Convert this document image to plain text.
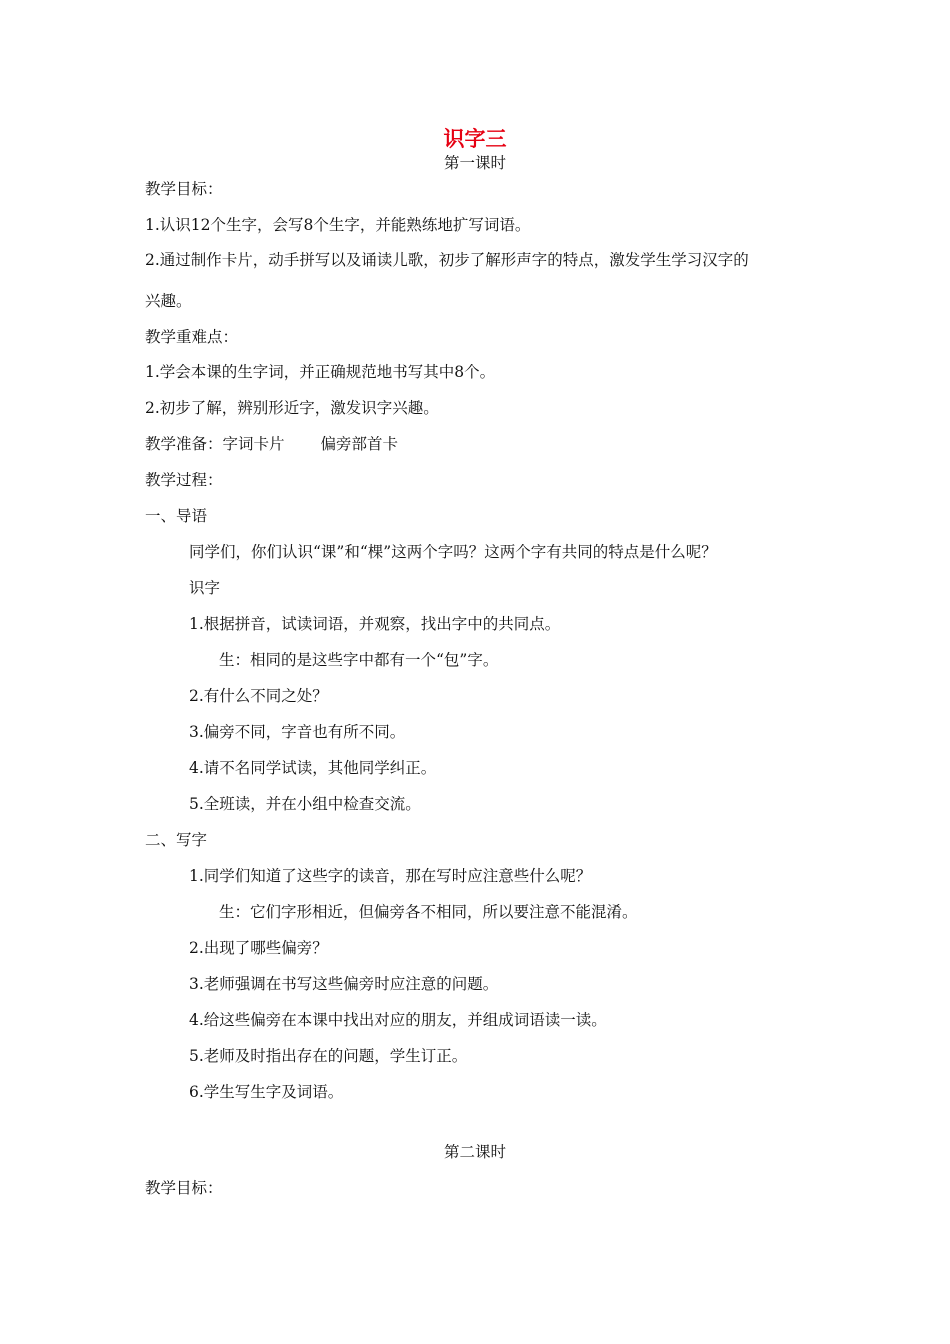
识字三
第一课时
教学目标：
1.认识12个生字，会写8个生字，并能熟练地扩写词语。
2.通过制作卡片，动手拼写以及诵读儿歌，初步了解形声字的特点，激发学生学习汉字的
兴趣。
教学重难点：
1.学会本课的生字词，并正确规范地书写其中8个。
2.初步了解，辨别形近字，激发识字兴趣。
教学准备：字词卡片 偏旁部首卡
教学过程：
一、导语
同学们，你们认识“课”和“棵”这两个字吗？这两个字有共同的特点是什么呢？
识字
1.根据拼音，试读词语，并观察，找出字中的共同点。
生：相同的是这些字中都有一个“包”字。
2.有什么不同之处？
3.偏旁不同，字音也有所不同。
4.请不名同学试读，其他同学纠正。
5.全班读，并在小组中检查交流。
二、写字
1.同学们知道了这些字的读音，那在写时应注意些什么呢？
生：它们字形相近，但偏旁各不相同，所以要注意不能混淆。
2.出现了哪些偏旁？
3.老师强调在书写这些偏旁时应注意的问题。
4.给这些偏旁在本课中找出对应的朋友，并组成词语读一读。
5.老师及时指出存在的问题，学生订正。
6.学生写生字及词语。
第二课时
教学目标：
